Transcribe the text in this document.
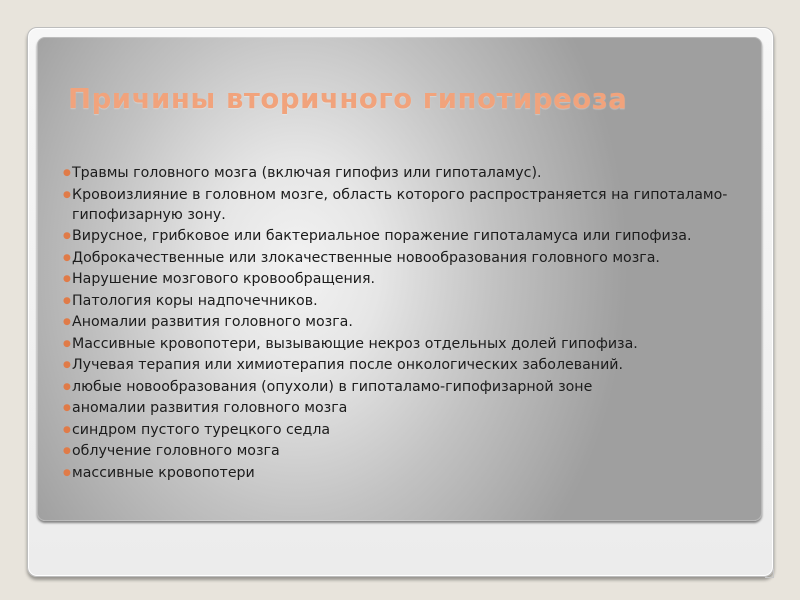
Причины вторичного гипотиреоза
● Травмы головного мозга (включая гипофиз или гипоталамус).
● Кровоизлияние в головном мозге, область которого распространяется на гипоталамо-гипофизарную зону.
● Вирусное, грибковое или бактериальное поражение гипоталамуса или гипофиза.
● Доброкачественные или злокачественные новообразования головного мозга.
● Нарушение мозгового кровообращения.
● Патология коры надпочечников.
● Аномалии развития головного мозга.
● Массивные кровопотери, вызывающие некроз отдельных долей гипофиза.
● Лучевая терапия или химиотерапия после онкологических заболеваний.
● любые новообразования (опухоли) в гипоталамо-гипофизарной зоне
● аномалии развития головного мозга
● синдром пустого турецкого седла
● облучение головного мозга
● массивные кровопотери
